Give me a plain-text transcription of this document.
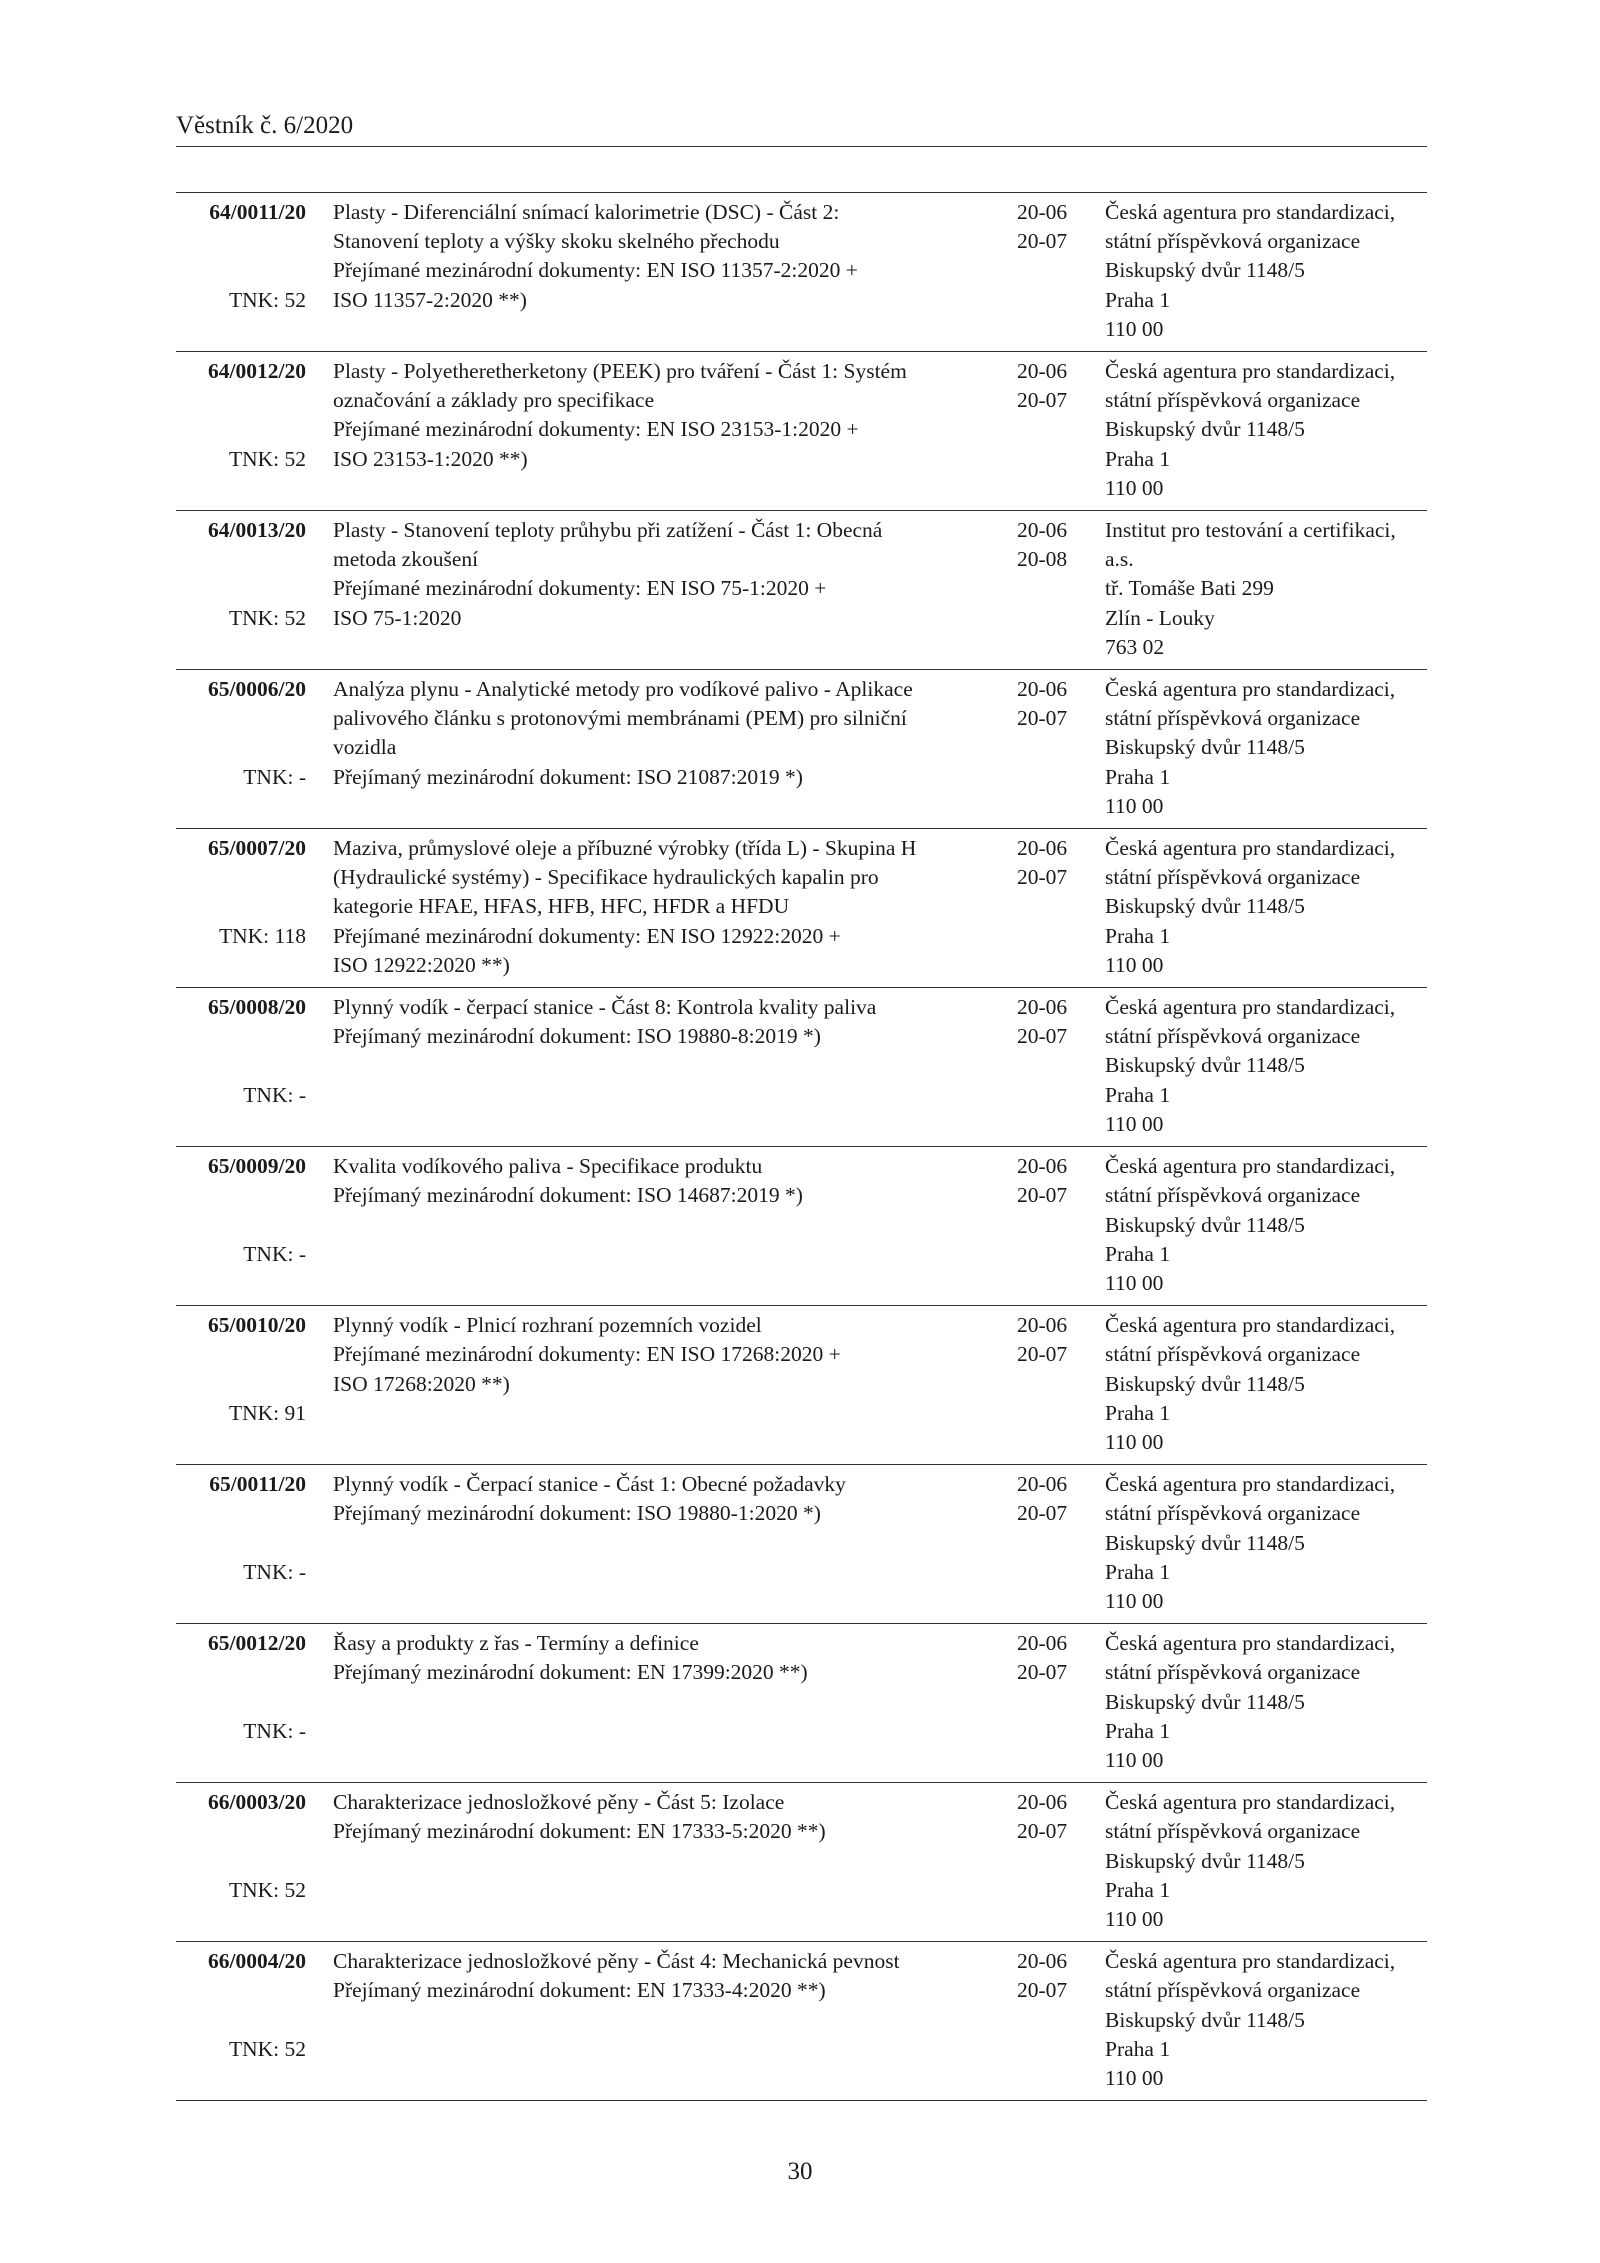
Věstník č. 6/2020
64/0011/20
TNK: 52
Plasty - Diferenciální snímací kalorimetrie (DSC) - Část 2:
Stanovení teploty a výšky skoku skelného přechodu
Přejímané mezinárodní dokumenty: EN ISO 11357-2:2020 +
ISO 11357-2:2020 **)
20-06
20-07
Česká agentura pro standardizaci,
státní příspěvková organizace
Biskupský dvůr 1148/5
Praha 1
110 00
64/0012/20
TNK: 52
Plasty - Polyetheretherketony (PEEK) pro tváření - Část 1: Systém
označování a základy pro specifikace
Přejímané mezinárodní dokumenty: EN ISO 23153-1:2020 +
ISO 23153-1:2020 **)
20-06
20-07
Česká agentura pro standardizaci,
státní příspěvková organizace
Biskupský dvůr 1148/5
Praha 1
110 00
64/0013/20
TNK: 52
Plasty - Stanovení teploty průhybu při zatížení - Část 1: Obecná
metoda zkoušení
Přejímané mezinárodní dokumenty: EN ISO 75-1:2020 +
ISO 75-1:2020
20-06
20-08
Institut pro testování a certifikaci,
a.s.
tř. Tomáše Bati 299
Zlín - Louky
763 02
65/0006/20
TNK: -
Analýza plynu - Analytické metody pro vodíkové palivo - Aplikace
palivového článku s protonovými membránami (PEM) pro silniční
vozidla
Přejímaný mezinárodní dokument: ISO 21087:2019 *)
20-06
20-07
Česká agentura pro standardizaci,
státní příspěvková organizace
Biskupský dvůr 1148/5
Praha 1
110 00
65/0007/20
TNK: 118
Maziva, průmyslové oleje a příbuzné výrobky (třída L) - Skupina H
(Hydraulické systémy) - Specifikace hydraulických kapalin pro
kategorie HFAE, HFAS, HFB, HFC, HFDR a HFDU
Přejímané mezinárodní dokumenty: EN ISO 12922:2020 +
ISO 12922:2020 **)
20-06
20-07
Česká agentura pro standardizaci,
státní příspěvková organizace
Biskupský dvůr 1148/5
Praha 1
110 00
65/0008/20
TNK: -
Plynný vodík - čerpací stanice - Část 8: Kontrola kvality paliva
Přejímaný mezinárodní dokument: ISO 19880-8:2019 *)
20-06
20-07
Česká agentura pro standardizaci,
státní příspěvková organizace
Biskupský dvůr 1148/5
Praha 1
110 00
65/0009/20
TNK: -
Kvalita vodíkového paliva - Specifikace produktu
Přejímaný mezinárodní dokument: ISO 14687:2019 *)
20-06
20-07
Česká agentura pro standardizaci,
státní příspěvková organizace
Biskupský dvůr 1148/5
Praha 1
110 00
65/0010/20
TNK: 91
Plynný vodík - Plnicí rozhraní pozemních vozidel
Přejímané mezinárodní dokumenty: EN ISO 17268:2020 +
ISO 17268:2020 **)
20-06
20-07
Česká agentura pro standardizaci,
státní příspěvková organizace
Biskupský dvůr 1148/5
Praha 1
110 00
65/0011/20
TNK: -
Plynný vodík - Čerpací stanice - Část 1: Obecné požadavky
Přejímaný mezinárodní dokument: ISO 19880-1:2020 *)
20-06
20-07
Česká agentura pro standardizaci,
státní příspěvková organizace
Biskupský dvůr 1148/5
Praha 1
110 00
65/0012/20
TNK: -
Řasy a produkty z řas - Termíny a definice
Přejímaný mezinárodní dokument: EN 17399:2020 **)
20-06
20-07
Česká agentura pro standardizaci,
státní příspěvková organizace
Biskupský dvůr 1148/5
Praha 1
110 00
66/0003/20
TNK: 52
Charakterizace jednosložkové pěny - Část 5: Izolace
Přejímaný mezinárodní dokument: EN 17333-5:2020 **)
20-06
20-07
Česká agentura pro standardizaci,
státní příspěvková organizace
Biskupský dvůr 1148/5
Praha 1
110 00
66/0004/20
TNK: 52
Charakterizace jednosložkové pěny - Část 4: Mechanická pevnost
Přejímaný mezinárodní dokument: EN 17333-4:2020 **)
20-06
20-07
Česká agentura pro standardizaci,
státní příspěvková organizace
Biskupský dvůr 1148/5
Praha 1
110 00
30
